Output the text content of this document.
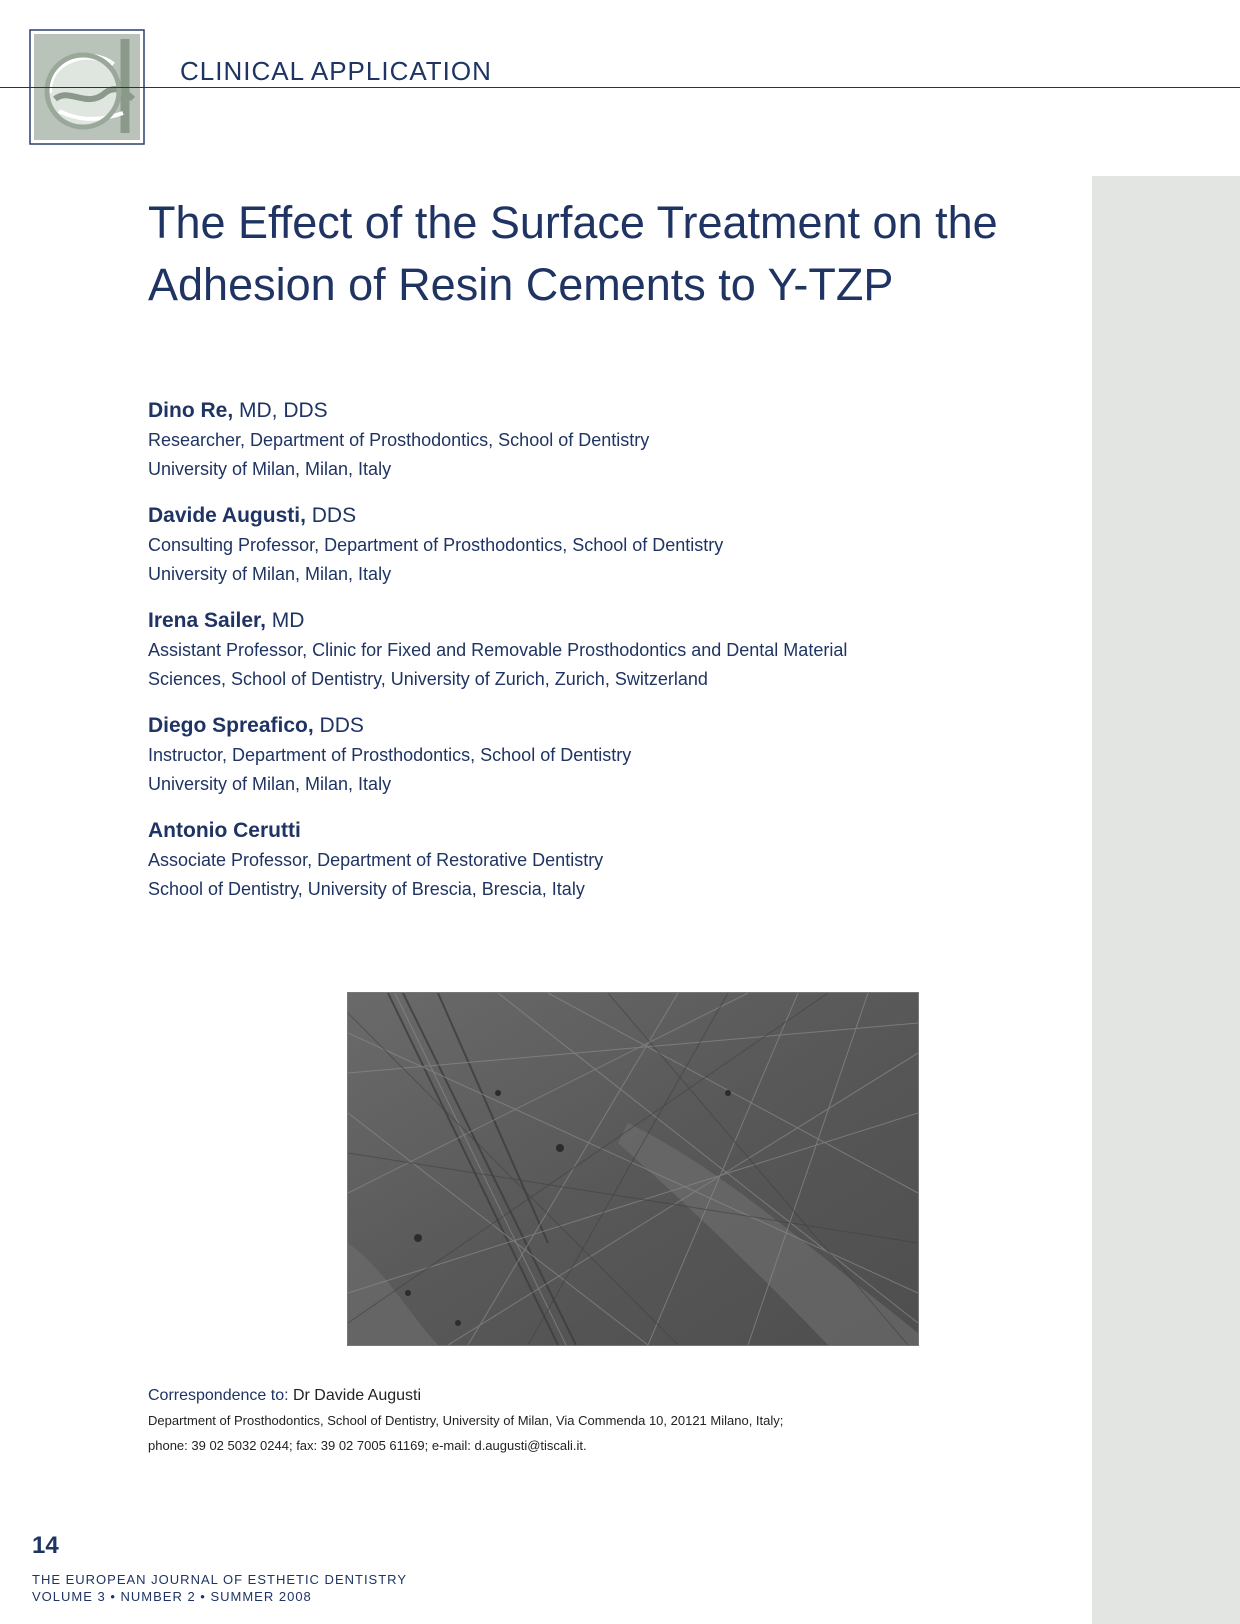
CLINICAL APPLICATION
The Effect of the Surface Treatment on the Adhesion of Resin Cements to Y-TZP
Dino Re, MD, DDS
Researcher, Department of Prosthodontics, School of Dentistry
University of Milan, Milan, Italy
Davide Augusti, DDS
Consulting Professor, Department of Prosthodontics, School of Dentistry
University of Milan, Milan, Italy
Irena Sailer, MD
Assistant Professor, Clinic for Fixed and Removable Prosthodontics and Dental Material
Sciences, School of Dentistry, University of Zurich, Zurich, Switzerland
Diego Spreafico, DDS
Instructor, Department of Prosthodontics, School of Dentistry
University of Milan, Milan, Italy
Antonio Cerutti
Associate Professor, Department of Restorative Dentistry
School of Dentistry, University of Brescia, Brescia, Italy
Correspondence to: Dr Davide Augusti
Department of Prosthodontics, School of Dentistry, University of Milan, Via Commenda 10, 20121 Milano, Italy;
phone: 39 02 5032 0244; fax: 39 02 7005 61169; e-mail: d.augusti@tiscali.it.
14
THE EUROPEAN JOURNAL OF ESTHETIC DENTISTRY
VOLUME 3 • NUMBER 2 • SUMMER 2008
